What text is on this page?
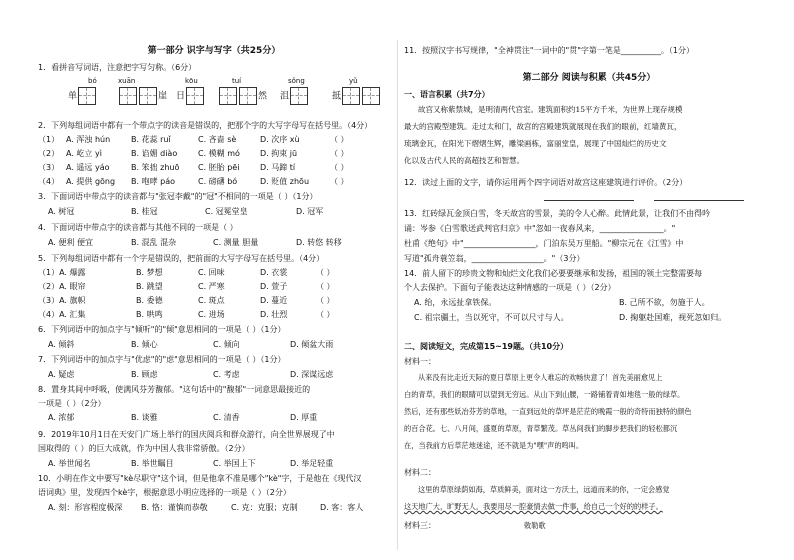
第一部分 识字与写字（共25分）
1．看拼音写词语，注意把字写匀称。（6分）
bó	xuān	kōu	tuí	sǒng	yǔ
单	崖 日	然 沮	抵
2．下列每组词语中都有一个带点字的读音是错误的，把那个字的大写字母写在括号里。（4分）
（1） A. 浑浊 hún	B. 花蕊 ruǐ	C. 吝啬 sè	D. 次序 xù	（ ）
（2） A. 屹立 yì	B. 谄媚 diào	C. 模糊 mó	D. 拘束 jū	（ ）
（3） A. 遥远 yáo	B. 笨拙 zhuō C. 胚胎 pēi	D. 马蹄 tí	（ ）
（4） A. 提供 gōng B. 咆哮 páo	C. 磅礴 bó	D. 贬值 zhōu	（ ）
3．下面词语中带点字的读音都与"张冠李戴"的"冠"不相同的一项是（ ）（1分）
A. 树冠	B. 桂冠	C. 冠冕堂皇	D. 冠军
4．下面词语中带点字的读音都与其他不同的一项是（ ）
A. 便利 便宜	B. 混乱 混杂	C. 测量 胆量	D. 转悠 转移
5．下列每组词语中都有一个字是错误的，把前面的大写字母写在括号里。（4分）
（1）A. 爆露	B. 梦想	C. 回味	D. 衣裳	（ ）
（2）A. 眼帘	B. 跳望	C. 严寒	D. 萱子	（ ）
（3）A. 旗帜	B. 委德	C. 斑点	D. 蔓近	（ ）
（4）A. 汇集	B. 哄鸣	C. 进场	D. 壮烈	（ ）
6．下列词语中的加点字与"倾听"的"倾"意思相同的一项是（ ）（1分）
A. 倾斜	B. 倾心	C. 倾向	D. 倾盆大雨
7．下列词语中的加点字与"优虑"的"虑"意思相同的一项是（ ）（1分）
A. 疑虑	B. 顾虑	C. 考虑	D. 深谋远虑
8．置身其间中呼吸，使满风芬芳馥郁。"这句话中的"馥郁"一词意思最接近的
一项是（ ）（2分）
A. 浓郁	B. 谈雅	C. 清香	D. 厚重
9．2019年10月1日在天安门广场上举行的国庆阅兵和群众游行，向全世界展现了中
国取得的（ ）的巨大成就，作为中国人我非常骄傲。（2分）
A. 举世闻名	B. 举世瞩目	C. 举国上下	D. 举足轻重
10．小明在作文中要写"kè尽职守"这个词，但是他拿不准是哪个"kè"字，于是他在《现代汉
语词典》里，发现四个kè字，根据意思小明应选择的一项是（ ）（2分）
A. 刻：形容程度极深 B. 恪：谨慎而恭敬	C. 克：克服；克制	D. 客：客人
11．按照汉字书写规律，"全神贯注"一词中的"贯"字第一笔是__________。（1分）
第二部分 阅读与积累（共45分）
一、语言积累（共7分）
故宫又称紫禁城，是明清两代宫室。建筑面积约15平方千米，为世界上现存规模
最大的宫殿型建筑。走过太和门，故宫的宫殿建筑就展现在我们的眼前，红墙黄瓦，
琉璃金瓦，在阳光下熠熠生辉，雕梁画栋，富丽堂皇，展现了中国灿烂的历史文
化以及古代人民的高超技艺和智慧。
12．读过上面的文字，请你运用两个四字词语对故宫这座建筑进行评价。（2分）
13．红砖绿瓦金顶白雪，冬天故宫的雪景，美的令人心醉。此情此景，让我们不由得吟
诵：岑参《白雪歌送武判官归京》中"忽如一夜春风来，________________。"
杜甫《绝句》中"__________________，门泊东吴万里船。"柳宗元在《江雪》中
写道"孤舟蓑笠翁，__________________。"（3分）
14．前人留下的珍贵文物和灿烂文化我们必要要继承和发扬，祖国的领土完整需要每
个人去保护。下面句子能表达这种情感的一项是（ ）（2分）
A. 绐，永远扯拿铁保。	B. 己所不欲，勿施于人。
C. 祖宗疆土，当以死守，不可以尺寸与人。	D. 掬躯赴国难，视死忽如归。
二、阅读短文，完成第15~19题。（共10分）
材料一：
从来没有比走近天际的夏日草原上更令人难忘的欢畅快意了！首先美丽愈见上
白的青草，我们的眼睛可以望到无穷远。从山下到山腰，一路铺着青如地毯一般的绿草。
然后，还有那些妖冶芬芳的草地，一直到远处的草坪是茫茫的晚霞一般的奇特而独特的颜色
的百合花。七、八月间，盛夏的草原，青草繁茂。草丛间我们的脚步把我们的轻松都沉
在，当我前方后草茫地迷途，还不就是为"嘿"声的鸣叫。
材料二：
这里的草原绿荫如海，草质鲜美，面对这一方沃土，远道而来的你，一定会感觉
这天地广大，旷野无人，我要用尽一腔豪情去做一件事，给自己一个好的的样子。
材料三：	敕勒歌
